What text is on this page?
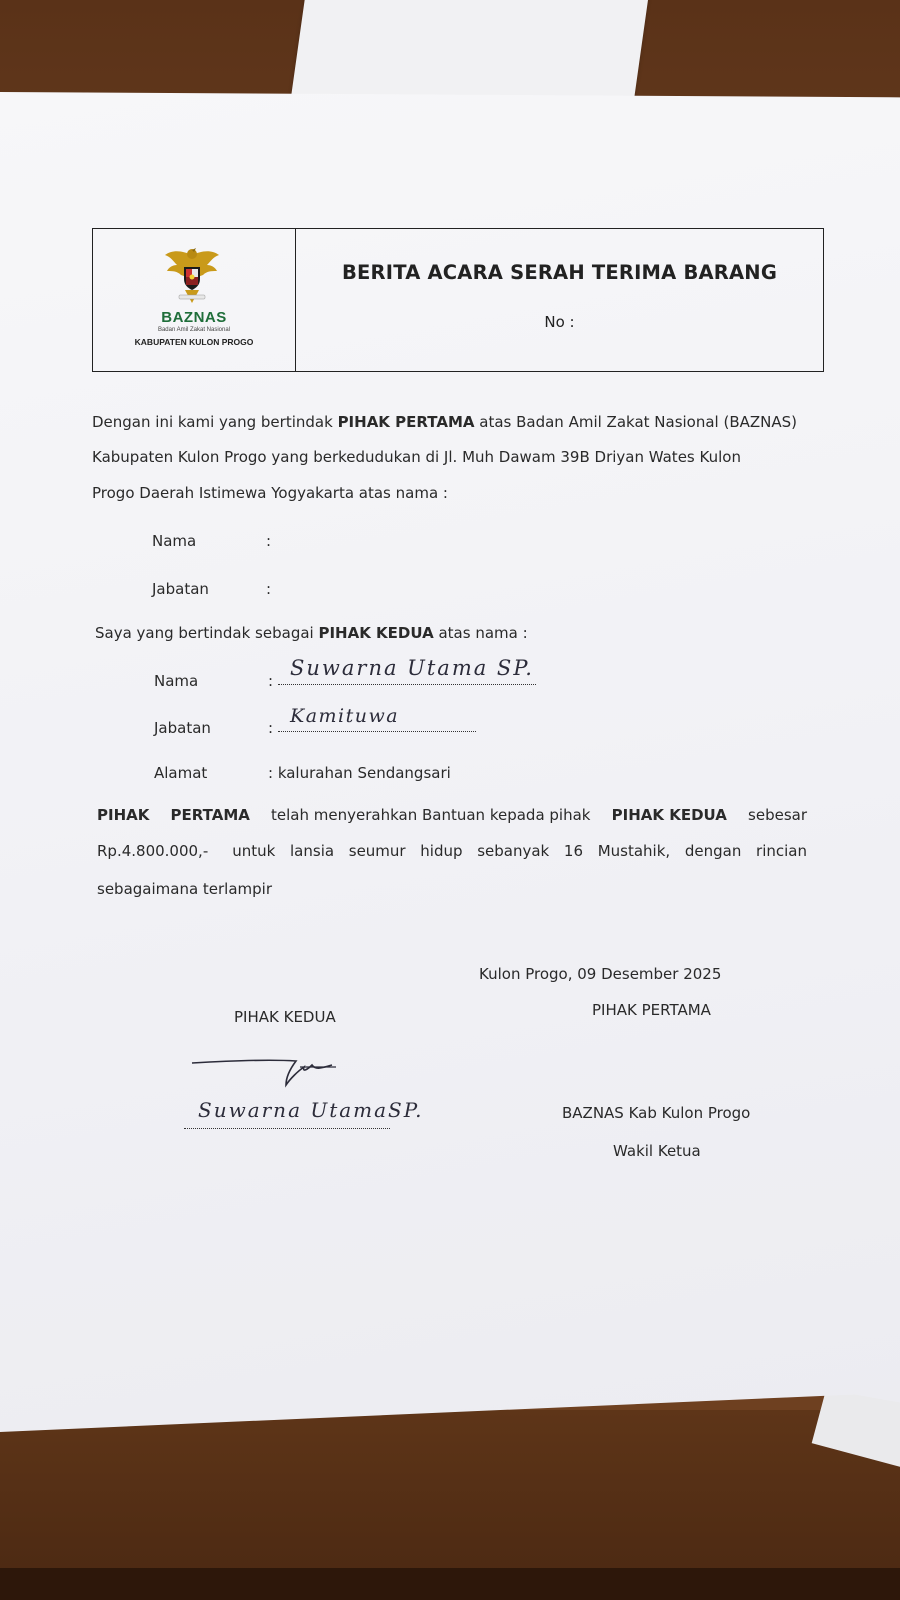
BAZNAS
Badan Amil Zakat Nasional
KABUPATEN KULON PROGO
BERITA ACARA SERAH TERIMA BARANG
No :
Dengan ini kami yang bertindak PIHAK PERTAMA atas Badan Amil Zakat Nasional (BAZNAS)
Kabupaten Kulon Progo yang berkedudukan di Jl. Muh Dawam 39B Driyan Wates Kulon
Progo Daerah Istimewa Yogyakarta atas nama :
Nama	:
Jabatan	:
Saya yang bertindak sebagai PIHAK KEDUA atas nama :
Nama	:
Suwarna Utama SP.
Jabatan	:
Kamituwa
Alamat	: kalurahan Sendangsari
PIHAK PERTAMA telah menyerahkan Bantuan kepada pihak PIHAK KEDUA sebesar
Rp.4.800.000,- untuk lansia seumur hidup sebanyak 16 Mustahik, dengan rincian
sebagaimana terlampir
Kulon Progo, 09 Desember 2025
PIHAK KEDUA	PIHAK PERTAMA
Suwarna UtamaSP.	BAZNAS Kab Kulon Progo
Wakil Ketua
